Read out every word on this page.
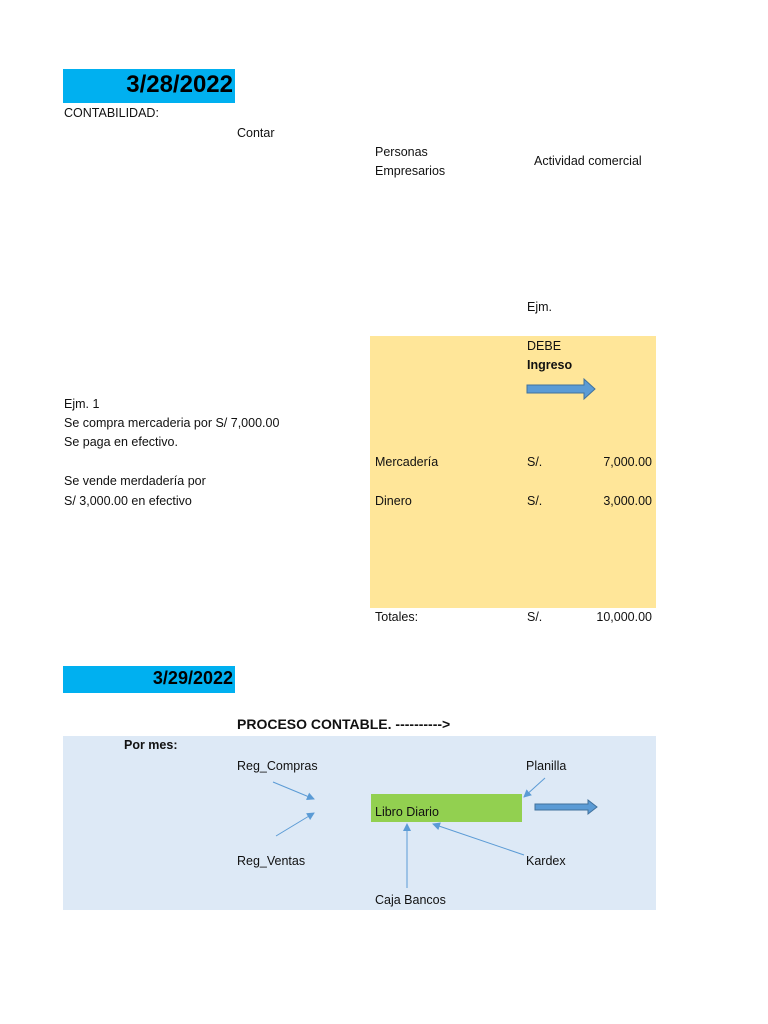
3/28/2022
CONTABILIDAD:
Contar
Personas
Empresarios
Actividad comercial
Ejm.
DEBE
Ingreso
Ejm. 1
Se compra mercaderia por S/ 7,000.00
Se paga en efectivo.
Se vende merdadería por
S/ 3,000.00 en efectivo
Mercadería	S/.	7,000.00
Dinero	S/.	3,000.00
Totales:	S/.	10,000.00
3/29/2022
PROCESO CONTABLE. ---------->
Por mes:
Reg_Compras	Planilla
Libro Diario
Reg_Ventas	Kardex
Caja Bancos
